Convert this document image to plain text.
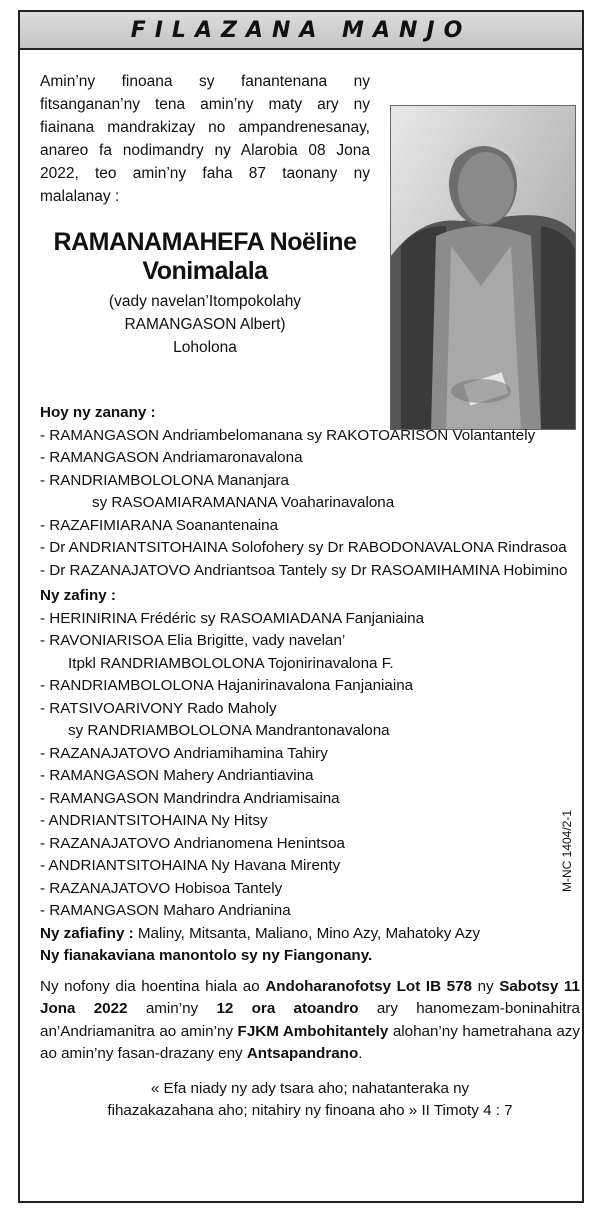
FILAZANA MANJO

Amin’ny finoana sy fanantenana ny fitsanganan’ny tena amin’ny maty ary ny fiainana mandrakizay no ampandrenesanay, anareo fa nodimandry ny Alarobia 08 Jona 2022, teo amin’ny faha 87 taonany ny malalanay :

RAMANAMAHEFA Noëline
Vonimalala
(vady navelan’Itompokolahy
RAMANGASON Albert)
Loholona
Hoy ny zanany :
- RAMANGASON Andriambelomanana sy RAKOTOARISON Volantantely
- RAMANGASON Andriamaronavalona
- RANDRIAMBOLOLONA Mananjara
sy RASOAMIARAMANANA Voaharinavalona
- RAZAFIMIARANA Soanantenaina
- Dr ANDRIANTSITOHAINA Solofohery sy Dr RABODONAVALONA Rindrasoa
- Dr RAZANAJATOVO Andriantsoa Tantely sy Dr RASOAMIHAMINA Hobimino
Ny zafiny :
- HERINIRINA Frédéric sy RASOAMIADANA Fanjaniaina
- RAVONIARISOA Elia Brigitte, vady navelan’
Itpkl RANDRIAMBOLOLONA Tojonirinavalona F.
- RANDRIAMBOLOLONA Hajanirinavalona Fanjaniaina
- RATSIVOARIVONY Rado Maholy
sy RANDRIAMBOLOLONA Mandrantonavalona
- RAZANAJATOVO Andriamihamina Tahiry
- RAMANGASON Mahery Andriantiavina
- RAMANGASON Mandrindra Andriamisaina
- ANDRIANTSITOHAINA Ny Hitsy
- RAZANAJATOVO Andrianomena Henintsoa
- ANDRIANTSITOHAINA Ny Havana Mirenty
- RAZANAJATOVO Hobisoa Tantely
- RAMANGASON Maharo Andrianina
Ny zafiafiny : Maliny, Mitsanta, Maliano, Mino Azy, Mahatoky Azy
Ny fianakaviana manontolo sy ny Fiangonany.

Ny nofony dia hoentina hiala ao Andoharanofotsy Lot IB 578 ny Sabotsy 11 Jona 2022 amin’ny 12 ora atoandro ary hanomezam-boninahitra an’Andriamanitra ao amin’ny FJKM Ambohitantely alohan’ny hametrahana azy ao amin’ny fasan-drazany eny Antsapandrano.

« Efa niady ny ady tsara aho; nahatanteraka ny
fihazakazahana aho; nitahiry ny finoana aho » II Timoty 4 : 7
M-NC 1404/2-1
